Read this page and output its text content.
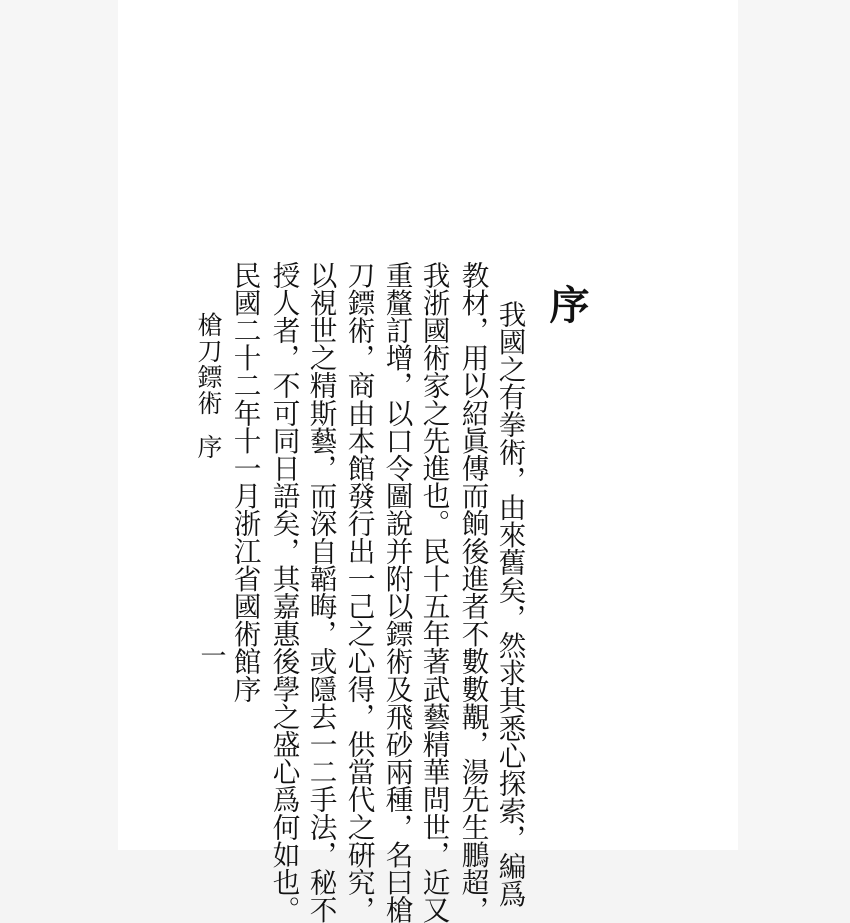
序
我國之有拳術，由來舊矣，然求其悉心探索，編爲
教材，用以紹眞傳而餉後進者不數數覯，湯先生鵬超，
我浙國術家之先進也。民十五年著武藝精華問世，近又
重釐訂增，以口令圖說并附以鏢術及飛砂兩種，名曰槍
刀鏢術，商由本館發行出一己之心得，供當代之硏究，
以視世之精斯藝，而深自韜晦，或隱去一二手法，秘不
授人者，不可同日語矣，其嘉惠後學之盛心爲何如也。
民國二十二年十一月浙江省國術館序
槍刀鏢術序
一
